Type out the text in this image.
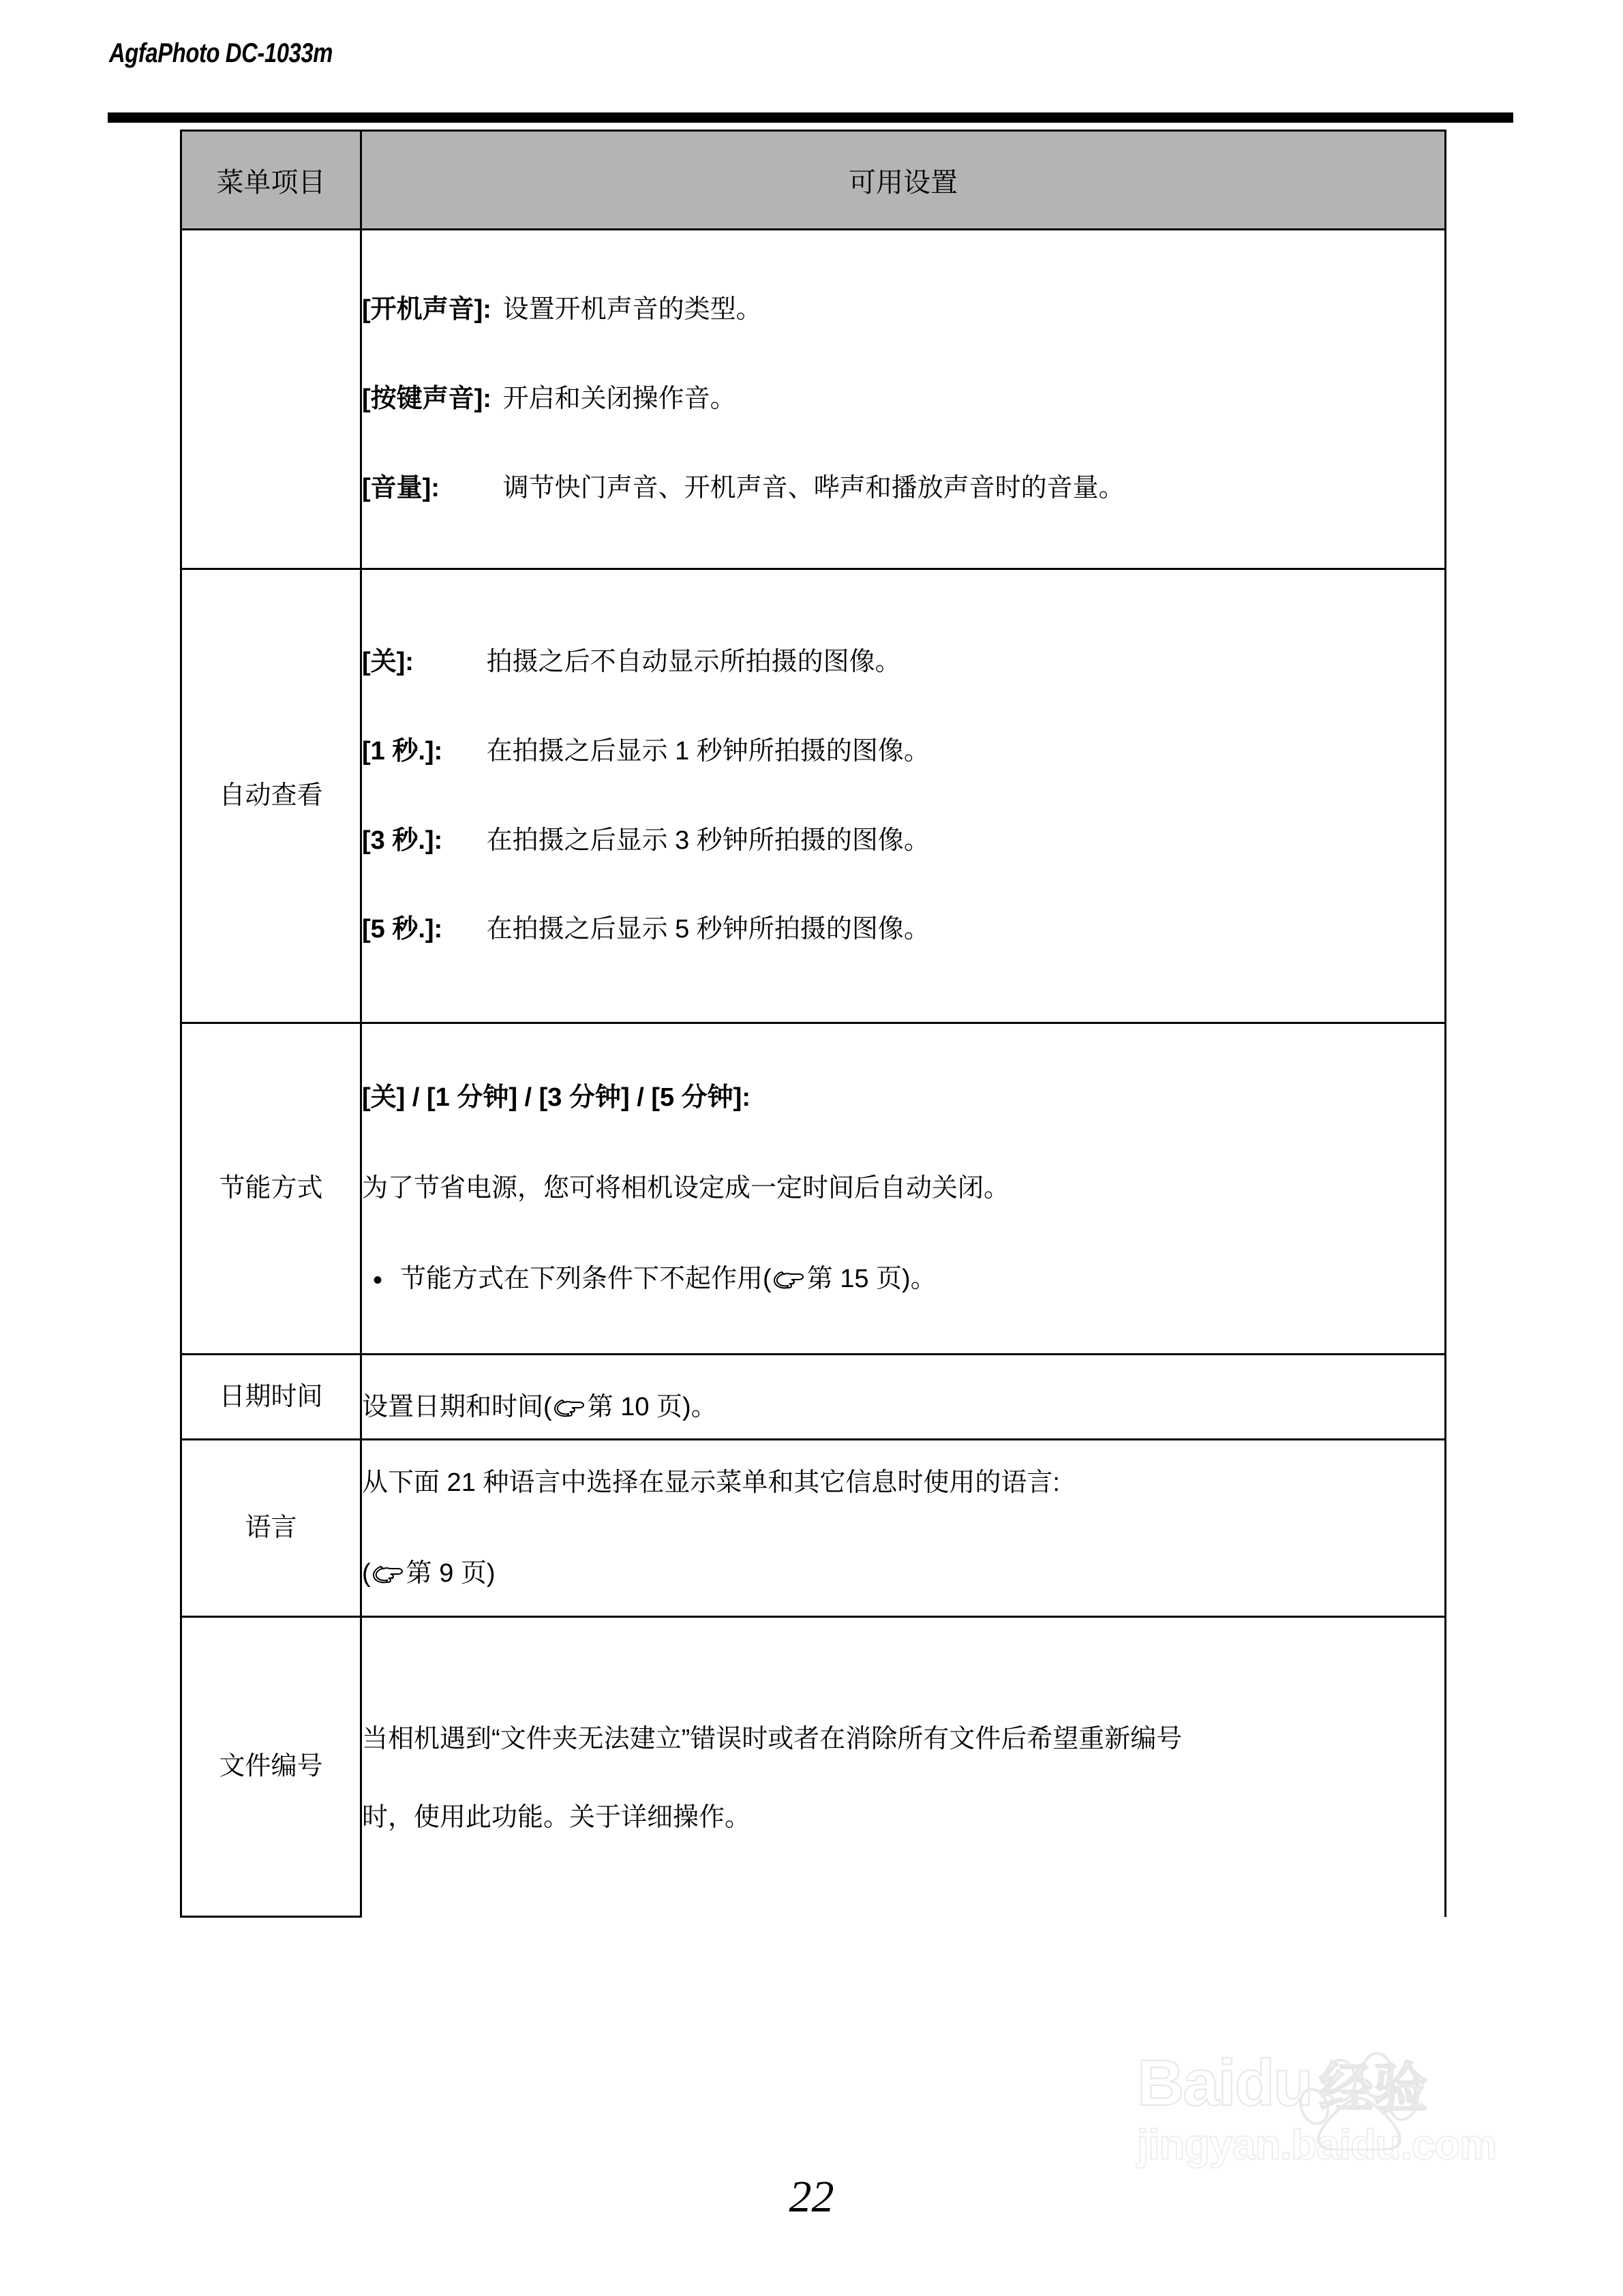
AgfaPhoto DC-1033m
菜单项目	可用设置

	[开机声音]: 设置开机声音的类型。
[按键声音]: 开启和关闭操作音。
[音量]: 调节快门声音、开机声音、哔声和播放声音时的音量。

自动查看	[关]: 拍摄之后不自动显示所拍摄的图像。
[1 秒.]: 在拍摄之后显示 1 秒钟所拍摄的图像。
[3 秒.]: 在拍摄之后显示 3 秒钟所拍摄的图像。
[5 秒.]: 在拍摄之后显示 5 秒钟所拍摄的图像。

节能方式	[关] / [1 分钟] / [3 分钟] / [5 分钟]:
为了节省电源，您可将相机设定成一定时间后自动关闭。
• 节能方式在下列条件下不起作用( 第 15 页)。

日期时间	设置日期和时间( 第 10 页)。

语言	从下面 21 种语言中选择在显示菜单和其它信息时使用的语言:
( 第 9 页)

文件编号	当相机遇到“文件夹无法建立”错误时或者在消除所有文件后希望重新编号
时，使用此功能。关于详细操作。
22
Baidu 经验
jingyan.baidu.com
